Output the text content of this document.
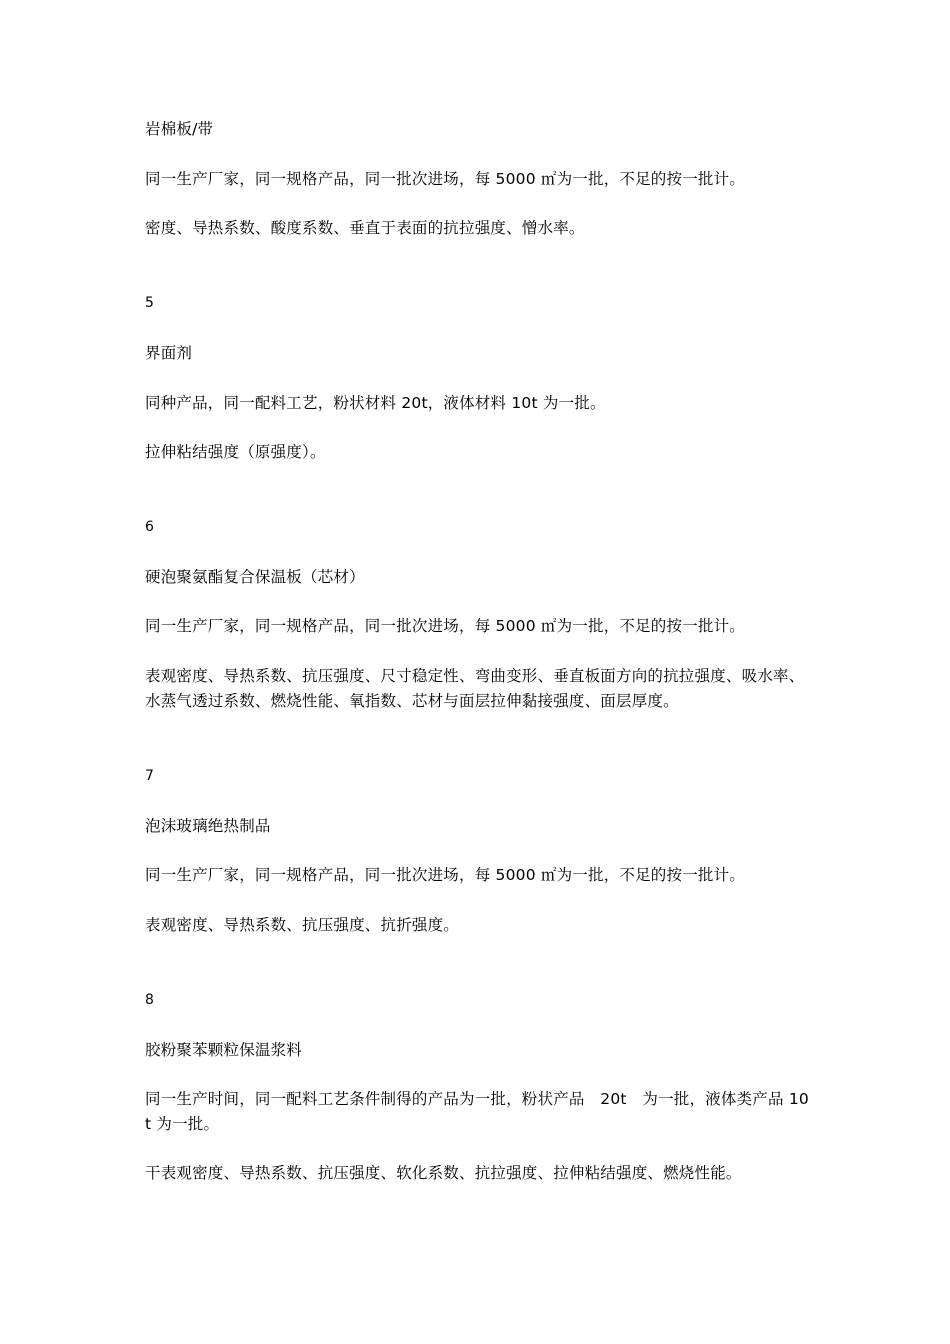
岩棉板/带
同一生产厂家，同一规格产品，同一批次进场，每 5000 ㎡为一批，不足的按一批计。
密度、导热系数、酸度系数、垂直于表面的抗拉强度、憎水率。
5
界面剂
同种产品，同一配料工艺，粉状材料 20t，液体材料 10t 为一批。
拉伸粘结强度（原强度）。
6
硬泡聚氨酯复合保温板（芯材）
同一生产厂家，同一规格产品，同一批次进场，每 5000 ㎡为一批，不足的按一批计。
表观密度、导热系数、抗压强度、尺寸稳定性、弯曲变形、垂直板面方向的抗拉强度、吸水率、水蒸气透过系数、燃烧性能、氧指数、芯材与面层拉伸黏接强度、面层厚度。
7
泡沫玻璃绝热制品
同一生产厂家，同一规格产品，同一批次进场，每 5000 ㎡为一批，不足的按一批计。
表观密度、导热系数、抗压强度、抗折强度。
8
胶粉聚苯颗粒保温浆料
同一生产时间，同一配料工艺条件制得的产品为一批，粉状产品　20t　为一批，液体类产品 10t 为一批。
干表观密度、导热系数、抗压强度、软化系数、抗拉强度、拉伸粘结强度、燃烧性能。
